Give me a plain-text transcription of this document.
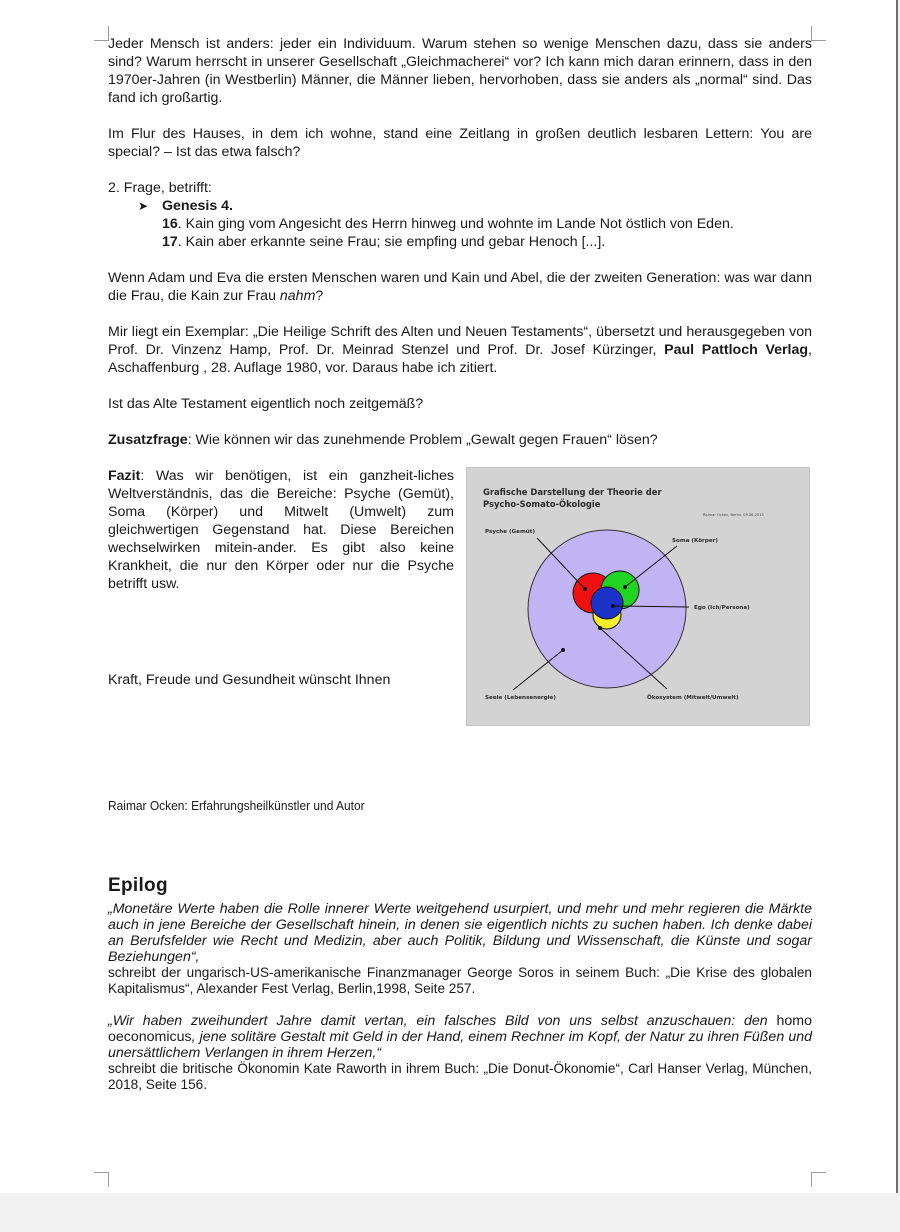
Jeder Mensch ist anders: jeder ein Individuum. Warum stehen so wenige Menschen dazu, dass sie anders sind? Warum herrscht in unserer Gesellschaft „Gleichmacherei“ vor? Ich kann mich daran erinnern, dass in den 1970er-Jahren (in Westberlin) Männer, die Männer lieben, hervorhoben, dass sie anders als „normal“ sind. Das fand ich großartig.

Im Flur des Hauses, in dem ich wohne, stand eine Zeitlang in großen deutlich lesbaren Lettern: You are special? – Ist das etwa falsch?

2. Frage, betrifft:

➤ Genesis 4.
16. Kain ging vom Angesicht des Herrn hinweg und wohnte im Lande Not östlich von Eden.
17. Kain aber erkannte seine Frau; sie empfing und gebar Henoch [...].

Wenn Adam und Eva die ersten Menschen waren und Kain und Abel, die der zweiten Generation: was war dann die Frau, die Kain zur Frau nahm?

Mir liegt ein Exemplar: „Die Heilige Schrift des Alten und Neuen Testaments“, übersetzt und herausgegeben von Prof. Dr. Vinzenz Hamp, Prof. Dr. Meinrad Stenzel und Prof. Dr. Josef Kürzinger, Paul Pattloch Verlag, Aschaffenburg , 28. Auflage 1980, vor. Daraus habe ich zitiert.

Ist das Alte Testament eigentlich noch zeitgemäß?

Zusatzfrage: Wie können wir das zunehmende Problem „Gewalt gegen Frauen“ lösen?

Fazit: Was wir benötigen, ist ein ganzheit-liches Weltverständnis, das die Bereiche: Psyche (Gemüt), Soma (Körper) und Mitwelt (Umwelt) zum gleichwertigen Gegenstand hat. Diese Bereichen wechselwirken mitein-ander. Es gibt also keine Krankheit, die nur den Körper oder nur die Psyche betrifft usw.

Kraft, Freude und Gesundheit wünscht Ihnen

Grafische Darstellung der Theorie der
Psycho-Somato-Ökologie
Raimar Ocken, Berlin, 09.06.2015
Psyche (Gemüt)
Soma (Körper)
Ego (Ich/Persona)
Seele (Lebensenergie)	Ökosystem (Mitwelt/Umwelt)

Raimar Ocken: Erfahrungsheilkünstler und Autor

Epilog

„Monetäre Werte haben die Rolle innerer Werte weitgehend usurpiert, und mehr und mehr regieren die Märkte auch in jene Bereiche der Gesellschaft hinein, in denen sie eigentlich nichts zu suchen haben. Ich denke dabei an Berufsfelder wie Recht und Medizin, aber auch Politik, Bildung und Wissenschaft, die Künste und sogar Beziehungen“,

schreibt der ungarisch-US-amerikanische Finanzmanager George Soros in seinem Buch: „Die Krise des globalen Kapitalismus“, Alexander Fest Verlag, Berlin,1998, Seite 257.

„Wir haben zweihundert Jahre damit vertan, ein falsches Bild von uns selbst anzuschauen: den homo oeconomicus, jene solitäre Gestalt mit Geld in der Hand, einem Rechner im Kopf, der Natur zu ihren Füßen und unersättlichem Verlangen in ihrem Herzen,“

schreibt die britische Ökonomin Kate Raworth in ihrem Buch: „Die Donut-Ökonomie“, Carl Hanser Verlag, München, 2018, Seite 156.
